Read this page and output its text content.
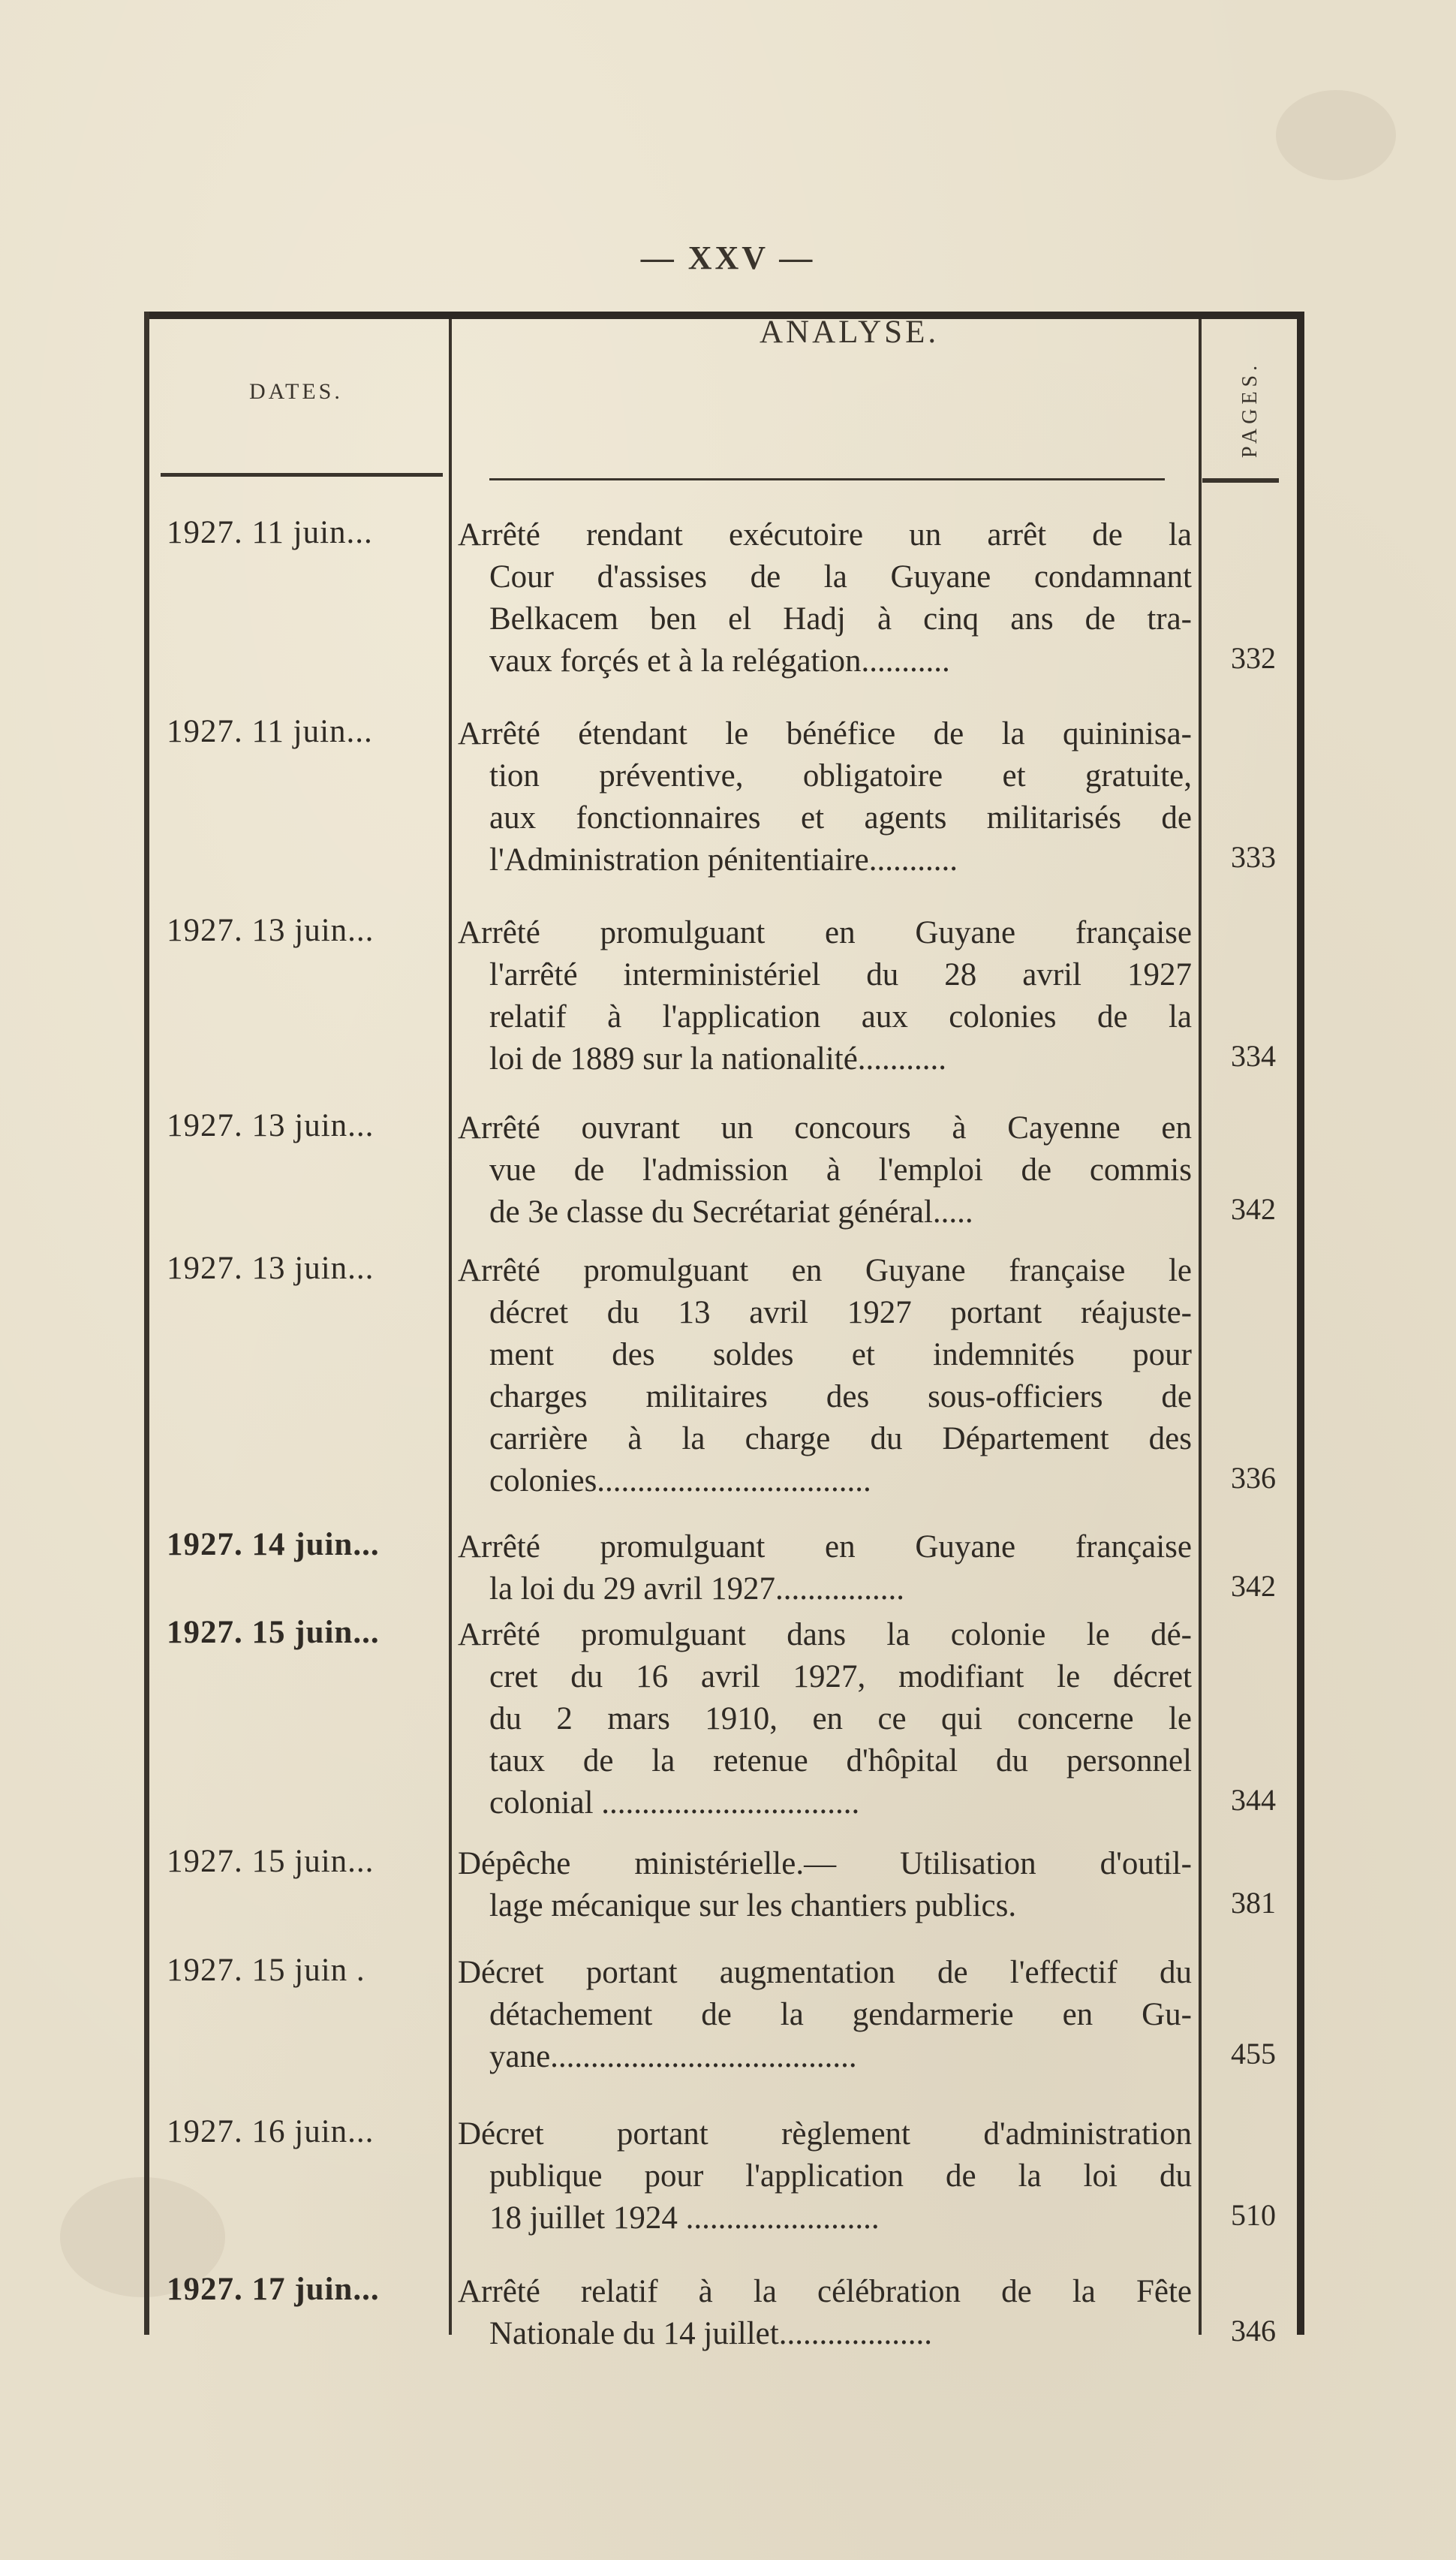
— XXV —
DATES.
ANALYSE.
PAGES.
1927. 11 juin...	Arrêté rendant exécutoire un arrêt de la
Cour d'assises de la Guyane condamnant
Belkacem ben el Hadj à cinq ans de tra-
vaux forçés et à la relégation...........	332
1927. 11 juin...	Arrêté étendant le bénéfice de la quininisa-
tion préventive, obligatoire et gratuite,
aux fonctionnaires et agents militarisés de
l'Administration pénitentiaire...........	333
1927. 13 juin...	Arrêté promulguant en Guyane française
l'arrêté interministériel du 28 avril 1927
relatif à l'application aux colonies de la
loi de 1889 sur la nationalité...........	334
1927. 13 juin...	Arrêté ouvrant un concours à Cayenne en
vue de l'admission à l'emploi de commis
de 3e classe du Secrétariat général.....	342
1927. 13 juin...	Arrêté promulguant en Guyane française le
décret du 13 avril 1927 portant réajuste-
ment des soldes et indemnités pour
charges militaires des sous-officiers de
carrière à la charge du Département des
colonies..................................	336
1927. 14 juin...	Arrêté promulguant en Guyane française
la loi du 29 avril 1927................	342
1927. 15 juin...	Arrêté promulguant dans la colonie le dé-
cret du 16 avril 1927, modifiant le décret
du 2 mars 1910, en ce qui concerne le
taux de la retenue d'hôpital du personnel
colonial ................................	344
1927. 15 juin...	Dépêche ministérielle.— Utilisation d'outil-
lage mécanique sur les chantiers publics.	381
1927. 15 juin .	Décret portant augmentation de l'effectif du
détachement de la gendarmerie en Gu-
yane......................................	455
1927. 16 juin...	Décret portant règlement d'administration
publique pour l'application de la loi du
18 juillet 1924 ........................	510
1927. 17 juin...	Arrêté relatif à la célébration de la Fête
Nationale du 14 juillet...................	346
